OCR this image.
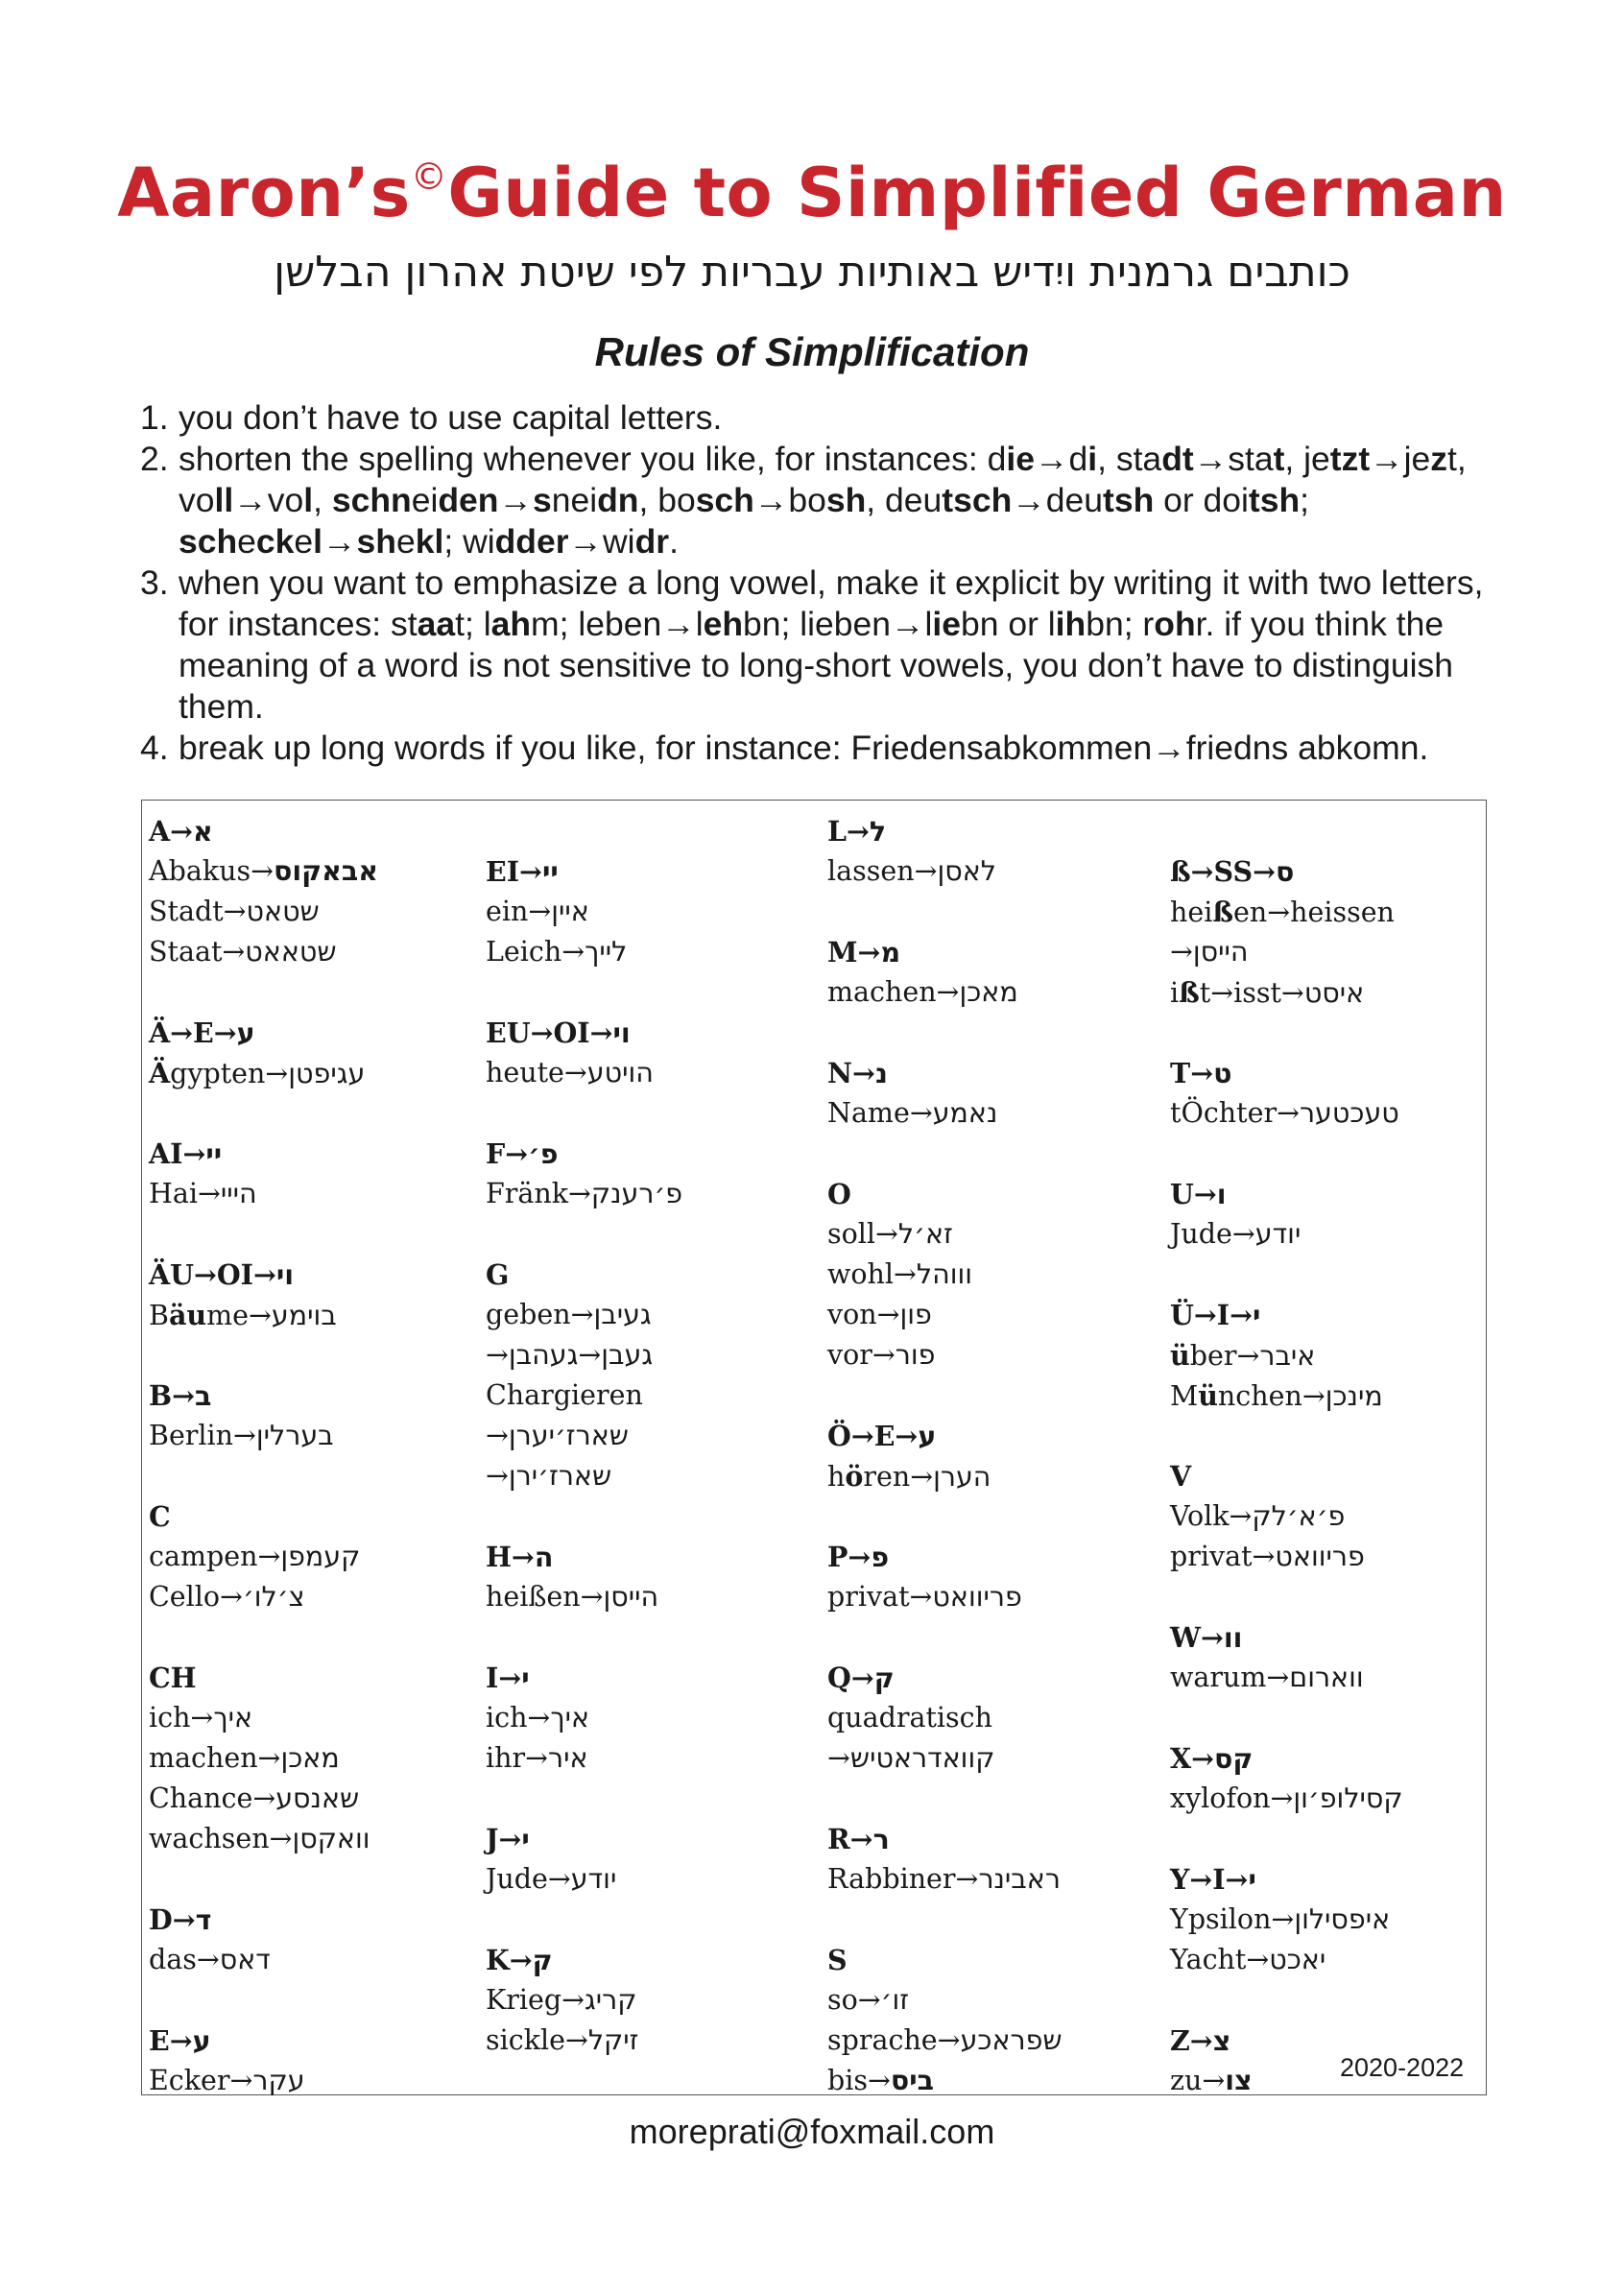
Aaron’s©Guide to Simplified German
כותבים גרמנית ויִדיש באותיות עבריות לפי שיטת אהרון הבלשן
Rules of Simplification
1. you don’t have to use capital letters.
2. shorten the spelling whenever you like, for instances: die→di, stadt→stat, jetzt→jezt, voll→vol, schneiden→sneidn, bosch→bosh, deutsch→deutsh or doitsh; scheckel→shekl; widder→widr.
3. when you want to emphasize a long vowel, make it explicit by writing it with two letters, for instances: staat; lahm; leben→lehbn; lieben→liebn or lihbn; rohr. if you think the meaning of a word is not sensitive to long-short vowels, you don’t have to distinguish them.
4. break up long words if you like, for instance: Friedensabkommen→friedns abkomn.
A→א
Abakus→אבאקוס
Stadt→שטאט
Staat→שטאאט
Ä→E→ע
Ägypten→עגיפטן
AI→יי
Hai→הייי
ÄU→OI→וי
Bäume→בוימע
B→ב
Berlin→בערלין
C
campen→קעמפן
Cello→צ׳לו׳
CH
ich→איך
machen→מאכן
Chance→שאנסע
wachsen→וואקסן
D→ד
das→דאס
E→ע
Ecker→עקר
EI→יי
ein→איין
Leich→לייך
EU→OI→וי
heute→הויטע
F→פ׳
Fränk→פ׳רענק
G
geben→געיבן
→געהבן→געבן
Chargieren
→שארז׳יערן
→שארז׳ירן
H→ה
heißen→הייסן
I→י
ich→איך
ihr→איר
J→י
Jude→יודע
K→ק
Krieg→קריג
sickle→זיקל
L→ל
lassen→לאסן
M→מ
machen→מאכן
N→נ
Name→נאמע
O
soll→זא׳ל
wohl→וווהל
von→פון
vor→פור
Ö→E→ע
hören→הערן
P→פ
privat→פריוואט
Q→ק
quadratisch
→קוואדראטיש
R→ר
Rabbiner→ראבינר
S
so→זו׳
sprache→שפראכע
bis→ביס
ß→SS→ס
heißen→heissen
→הייסן
ißt→isst→איסט
T→ט
tÖchter→טעכטער
U→ו
Jude→יודע
Ü→I→י
über→איבר
München→מינכן
V
Volk→פ׳א׳לק
privat→פריוואט
W→וו
warum→ווארום
X→קס
xylofon→קסילופ׳ון
Y→I→י
Ypsilon→איפסילון
Yacht→יאכט
Z→צ
zu→צו	2020-2022
moreprati@foxmail.com
